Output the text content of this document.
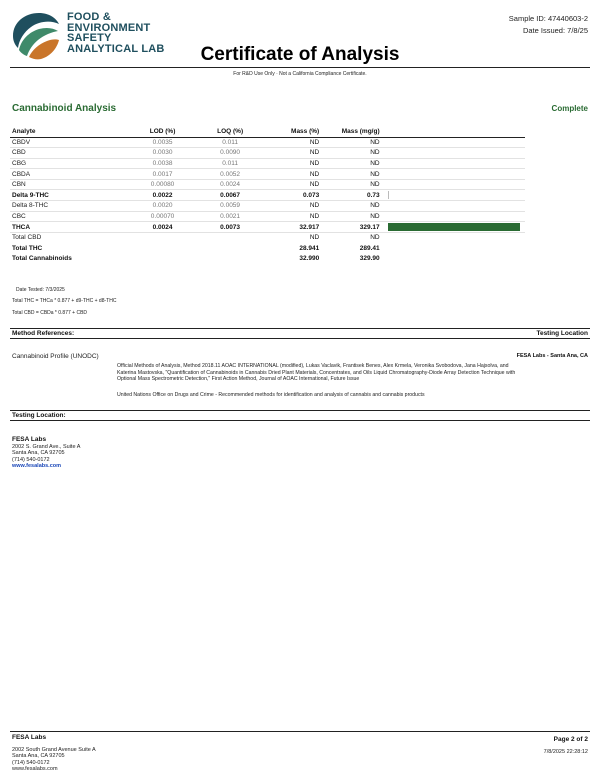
FOOD &
ENVIRONMENT
SAFETY
ANALYTICAL LAB
Sample ID: 47440603-2
Date Issued: 7/8/25
Certificate of Analysis
For R&D Use Only · Not a California Compliance Certificate.
Cannabinoid Analysis	Complete
Analyte	LOD (%)	LOQ (%)	Mass (%)	Mass (mg/g)	
CBDV	0.0035	0.011	ND	ND	
CBD	0.0030	0.0090	ND	ND	
CBG	0.0038	0.011	ND	ND	
CBDA	0.0017	0.0052	ND	ND	
CBN	0.00080	0.0024	ND	ND	
Delta 9-THC	0.0022	0.0067	0.073	0.73	

Delta 8-THC	0.0020	0.0059	ND	ND	
CBC	0.00070	0.0021	ND	ND	
THCA	0.0024	0.0073	32.917	329.17	

Total CBD			ND	ND	
Total THC			28.941	289.41	
Total Cannabinoids			32.990	329.90	
Date Tested: 7/3/2025
Total THC = THCa * 0.877 + d9-THC + d8-THC
Total CBD = CBDa * 0.877 + CBD
Method References:	Testing Location
Cannabinoid Profile (UNODC)	FESA Labs - Santa Ana, CA
Official Methods of Analysis, Method 2018.11 AOAC INTERNATIONAL (modified), Lukas Vaclavik, Frantisek Benes, Alex Krmela, Veronika Svobodova, Jana Hajsolva, and Katerina Mastovska, "Quantification of Cannabinoids in Cannabis Dried Plant Materials, Concentrates, and Oils Liquid Chromatography-Diode Array Detection Technique with Optional Mass Spectrometric Detection," First Action Method, Journal of AOAC International, Future Issue
United Nations Office on Drugs and Crime - Recommended methods for identification and analysis of cannabis and cannabis products
Testing Location:
FESA Labs
2002 S. Grand Ave., Suite A
Santa Ana, CA 92705
(714) 540-0172
www.fesalabs.com
FESA Labs
2002 South Grand Avenue Suite A
Santa Ana, CA 92705
(714) 540-0172
www.fesalabs.com
Page 2 of 2
7/8/2025 22:28:12
